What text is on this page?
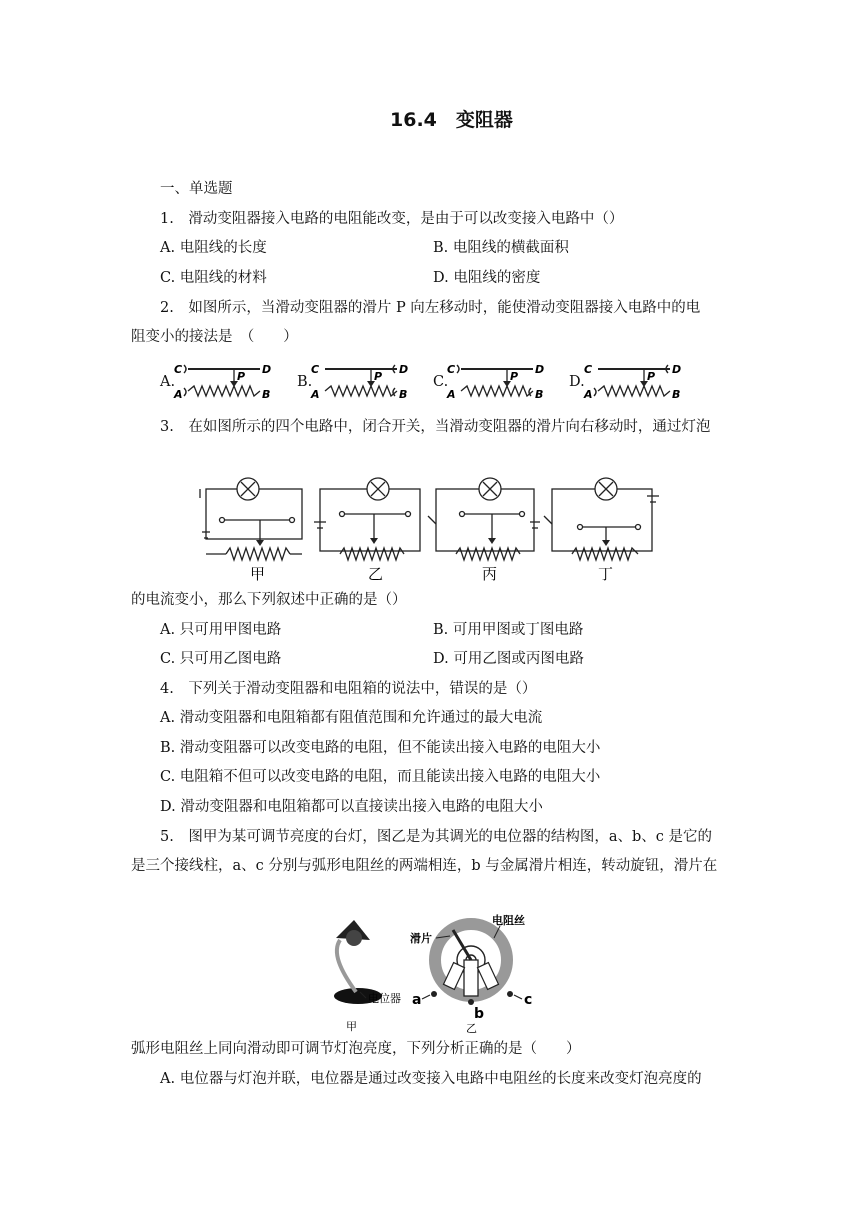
16.4　变阻器
一、单选题
1.　滑动变阻器接入电路的电阻能改变，是由于可以改变接入电路中（）
A. 电阻线的长度	B. 电阻线的横截面积
C. 电阻线的材料	D. 电阻线的密度
2.　如图所示，当滑动变阻器的滑片 P 向左移动时，能使滑动变阻器接入电路中的电
阻变小的接法是　（　　）
A.	B.	C.	D.
C	D
A	B
P
C	D
A	B
P
C	D
A	B
P
C	D
A	B
P
3.　在如图所示的四个电路中，闭合开关，当滑动变阻器的滑片向右移动时，通过灯泡
甲	乙	丙	丁
的电流变小，那么下列叙述中正确的是（）
A. 只可用甲图电路	B. 可用甲图或丁图电路
C. 只可用乙图电路	D. 可用乙图或丙图电路
4.　下列关于滑动变阻器和电阻箱的说法中，错误的是（）
A. 滑动变阻器和电阻箱都有阻值范围和允许通过的最大电流
B. 滑动变阻器可以改变电路的电阻，但不能读出接入电路的电阻大小
C. 电阻箱不但可以改变电路的电阻，而且能读出接入电路的电阻大小
D. 滑动变阻器和电阻箱都可以直接读出接入电路的电阻大小
5.　图甲为某可调节亮度的台灯，图乙是为其调光的电位器的结构图，a、b、c 是它的
是三个接线柱，a、c 分别与弧形电阻丝的两端相连，b 与金属滑片相连，转动旋钮，滑片在
电位器
电阻丝
滑片
a
b
c
甲	乙
弧形电阻丝上同向滑动即可调节灯泡亮度，下列分析正确的是（　　）
A. 电位器与灯泡并联，电位器是通过改变接入电路中电阻丝的长度来改变灯泡亮度的
